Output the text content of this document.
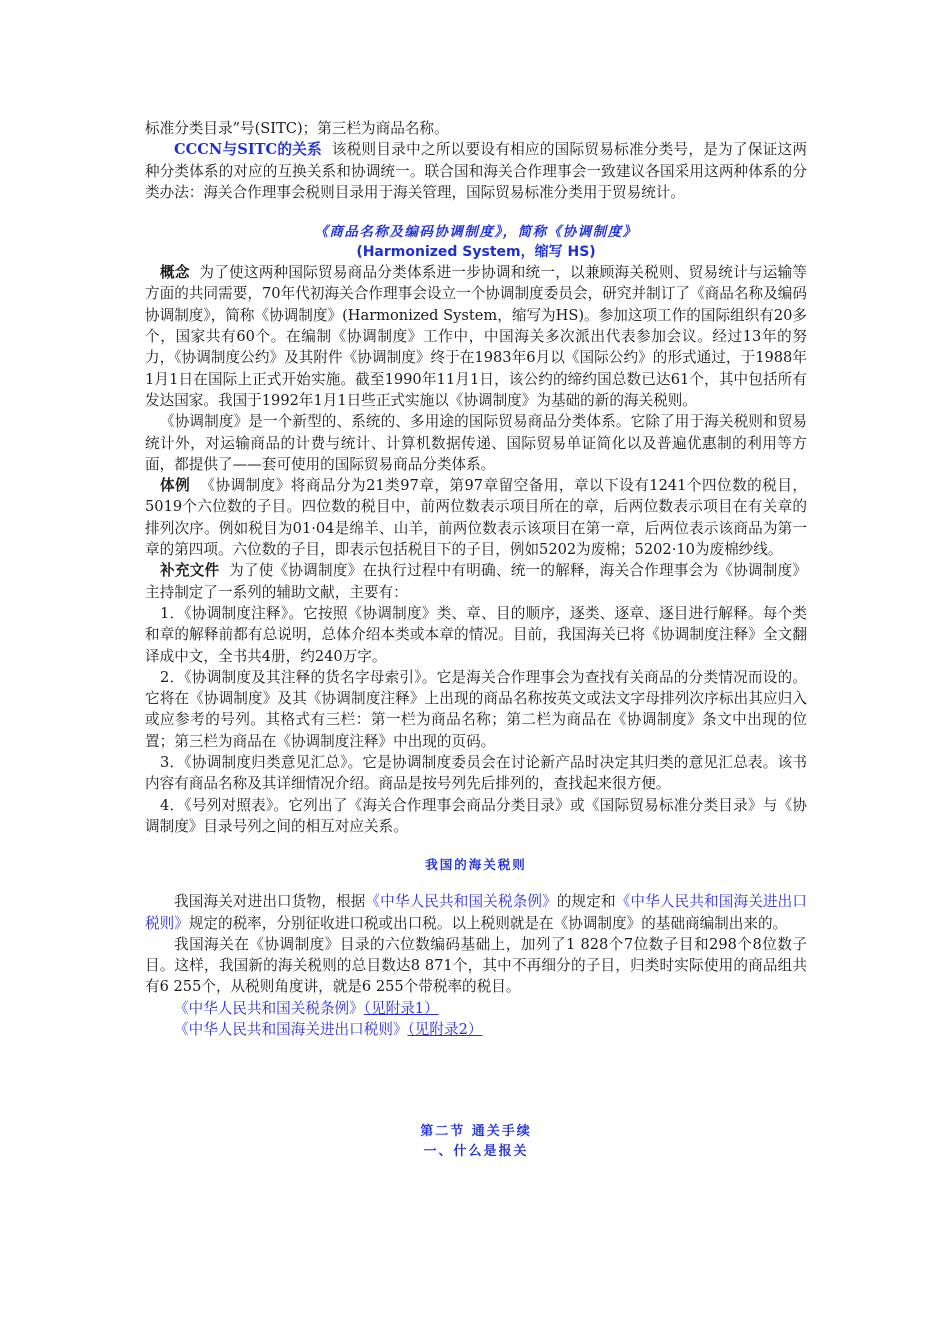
标准分类目录”号(SITC)；第三栏为商品名称。

CCCN与SITC的关系 该税则目录中之所以要设有相应的国际贸易标准分类号，是为了保证这两种分类体系的对应的互换关系和协调统一。联合国和海关合作理事会一致建议各国采用这两种体系的分类办法：海关合作理事会税则目录用于海关管理，国际贸易标准分类用于贸易统计。

《商品名称及编码协调制度》，简称《协调制度》
(Harmonized System，缩写 HS)

概念 为了使这两种国际贸易商品分类体系进一步协调和统一，以兼顾海关税则、贸易统计与运输等方面的共同需要，70年代初海关合作理事会设立一个协调制度委员会，研究并制订了《商品名称及编码协调制度》，简称《协调制度》(Harmonized System，缩写为HS)。参加这项工作的国际组织有20多个，国家共有60个。在编制《协调制度》工作中，中国海关多次派出代表参加会议。经过13年的努力，《协调制度公约》及其附件《协调制度》终于在1983年6月以《国际公约》的形式通过，于1988年1月1日在国际上正式开始实施。截至1990年11月1日，该公约的缔约国总数已达61个，其中包括所有发达国家。我国于1992年1月1日些正式实施以《协调制度》为基础的新的海关税则。

《协调制度》是一个新型的、系统的、多用途的国际贸易商品分类体系。它除了用于海关税则和贸易统计外，对运输商品的计费与统计、计算机数据传递、国际贸易单证简化以及普遍优惠制的利用等方面，都提供了——套可使用的国际贸易商品分类体系。

体例 《协调制度》将商品分为21类97章，第97章留空备用，章以下设有1241个四位数的税目，5019个六位数的子目。四位数的税目中，前两位数表示项目所在的章，后两位数表示项目在有关章的排列次序。例如税目为01·04是绵羊、山羊，前两位数表示该项目在第一章，后两位表示该商品为第一章的第四项。六位数的子目，即表示包括税目下的子目，例如5202为废棉；5202·10为废棉纱线。

补充文件 为了使《协调制度》在执行过程中有明确、统一的解释，海关合作理事会为《协调制度》主持制定了一系列的辅助文献，主要有：

1．《协调制度注释》。它按照《协调制度》类、章、目的顺序，逐类、逐章、逐目进行解释。每个类和章的解释前都有总说明，总体介绍本类或本章的情况。目前，我国海关已将《协调制度注释》全文翻译成中文，全书共4册，约240万字。

2．《协调制度及其注释的货名字母索引》。它是海关合作理事会为查找有关商品的分类情况而设的。它将在《协调制度》及其《协调制度注释》上出现的商品名称按英文或法文字母排列次序标出其应归入或应参考的号列。其格式有三栏：第一栏为商品名称；第二栏为商品在《协调制度》条文中出现的位置；第三栏为商品在《协调制度注释》中出现的页码。

3．《协调制度归类意见汇总》。它是协调制度委员会在讨论新产品时决定其归类的意见汇总表。该书内容有商品名称及其详细情况介绍。商品是按号列先后排列的，查找起来很方便。

4．《号列对照表》。它列出了《海关合作理事会商品分类目录》或《国际贸易标准分类目录》与《协调制度》目录号列之间的相互对应关系。

我国的海关税则

我国海关对进出口货物，根据《中华人民共和国关税条例》的规定和《中华人民共和国海关进出口税则》规定的税率，分别征收进口税或出口税。以上税则就是在《协调制度》的基础商编制出来的。

我国海关在《协调制度》目录的六位数编码基础上，加列了1 828个7位数子目和298个8位数子目。这样，我国新的海关税则的总目数达8 871个，其中不再细分的子目，归类时实际使用的商品组共有6 255个，从税则角度讲，就是6 255个带税率的税目。

《中华人民共和国关税条例》（见附录1）
《中华人民共和国海关进出口税则》（见附录2）
第二节 通关手续
一、什么是报关
